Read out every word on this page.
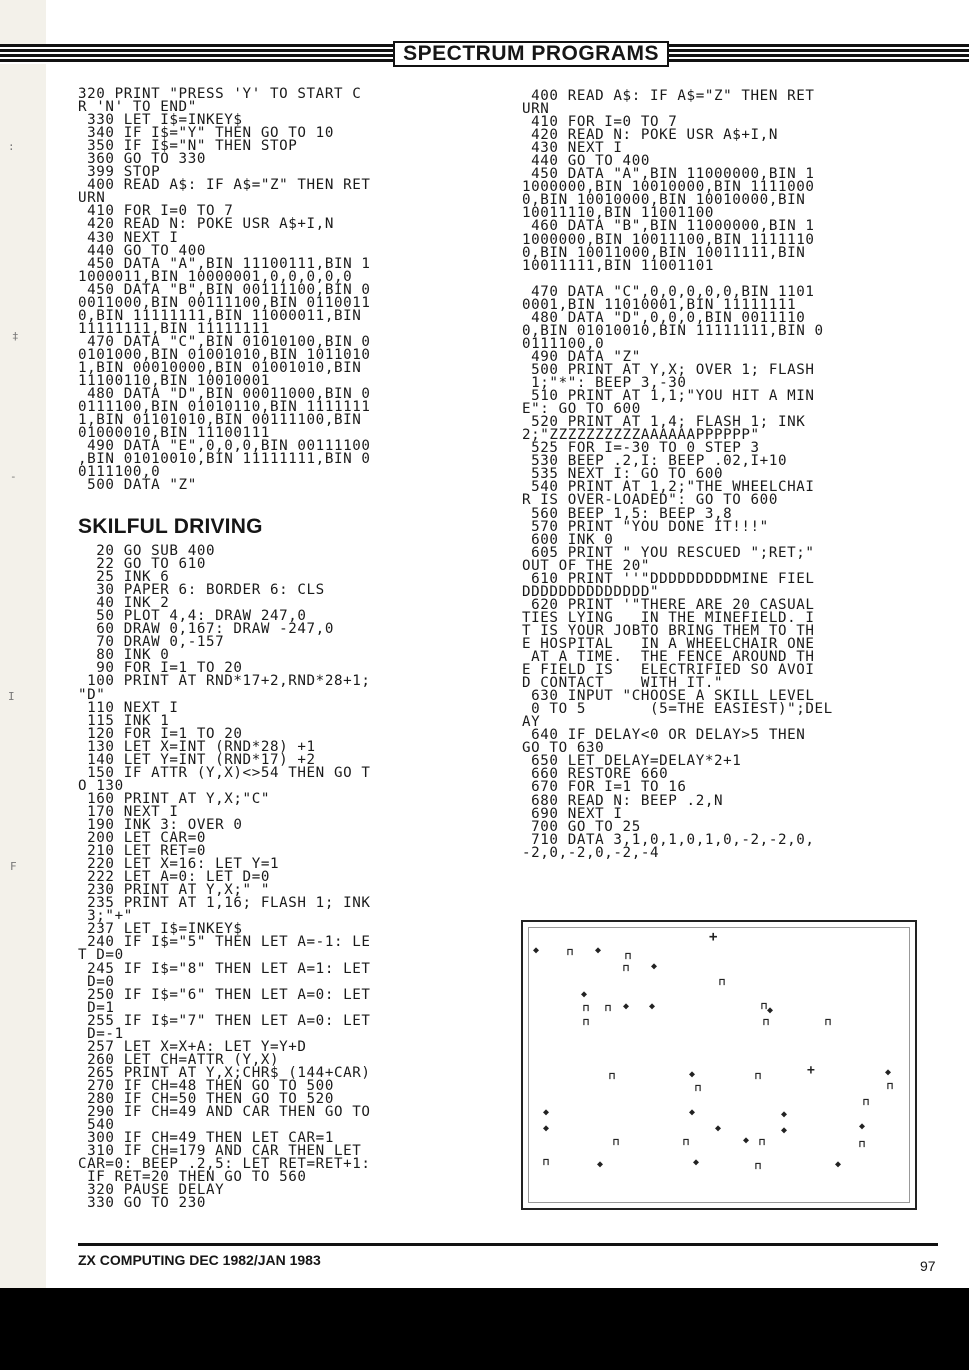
:
‡
-
I
F
SPECTRUM PROGRAMS
320 PRINT "PRESS 'Y' TO START C
R 'N' TO END"
330 LET I$=INKEY$
340 IF I$="Y" THEN GO TO 10
350 IF I$="N" THEN STOP
360 GO TO 330
399 STOP
400 READ A$: IF A$="Z" THEN RET
URN
410 FOR I=0 TO 7
420 READ N: POKE USR A$+I,N
430 NEXT I
440 GO TO 400
450 DATA "A",BIN 11100111,BIN 1
1000011,BIN 10000001,0,0,0,0,0
450 DATA "B",BIN 00111100,BIN 0
0011000,BIN 00111100,BIN 0110011
0,BIN 11111111,BIN 11000011,BIN
11111111,BIN 11111111
470 DATA "C",BIN 01010100,BIN 0
0101000,BIN 01001010,BIN 1011010
1,BIN 00010000,BIN 01001010,BIN
11100110,BIN 10010001
480 DATA "D",BIN 00011000,BIN 0
0111100,BIN 01010110,BIN 1111111
1,BIN 01101010,BIN 00111100,BIN
01000010,BIN 11100111
490 DATA "E",0,0,0,BIN 00111100
,BIN 01010010,BIN 11111111,BIN 0
0111100,0
500 DATA "Z"
SKILFUL DRIVING
20 GO SUB 400
22 GO TO 610
25 INK 6
30 PAPER 6: BORDER 6: CLS
40 INK 2
50 PLOT 4,4: DRAW 247,0
60 DRAW 0,167: DRAW -247,0
70 DRAW 0,-157
80 INK 0
90 FOR I=1 TO 20
100 PRINT AT RND*17+2,RND*28+1;
"D"
110 NEXT I
115 INK 1
120 FOR I=1 TO 20
130 LET X=INT (RND*28) +1
140 LET Y=INT (RND*17) +2
150 IF ATTR (Y,X)<>54 THEN GO T
O 130
160 PRINT AT Y,X;"C"
170 NEXT I
190 INK 3: OVER 0
200 LET CAR=0
210 LET RET=0
220 LET X=16: LET Y=1
222 LET A=0: LET D=0
230 PRINT AT Y,X;" "
235 PRINT AT 1,16; FLASH 1; INK
3;"+"
237 LET I$=INKEY$
240 IF I$="5" THEN LET A=-1: LE
T D=0
245 IF I$="8" THEN LET A=1: LET
D=0
250 IF I$="6" THEN LET A=0: LET
D=1
255 IF I$="7" THEN LET A=0: LET
D=-1
257 LET X=X+A: LET Y=Y+D
260 LET CH=ATTR (Y,X)
265 PRINT AT Y,X;CHR$ (144+CAR)
270 IF CH=48 THEN GO TO 500
280 IF CH=50 THEN GO TO 520
290 IF CH=49 AND CAR THEN GO TO
540
300 IF CH=49 THEN LET CAR=1
310 IF CH=179 AND CAR THEN LET
CAR=0: BEEP .2,5: LET RET=RET+1:
IF RET=20 THEN GO TO 560
320 PAUSE DELAY
330 GO TO 230
400 READ A$: IF A$="Z" THEN RET
URN
410 FOR I=0 TO 7
420 READ N: POKE USR A$+I,N
430 NEXT I
440 GO TO 400
450 DATA "A",BIN 11000000,BIN 1
1000000,BIN 10010000,BIN 1111000
0,BIN 10010000,BIN 10010000,BIN
10011110,BIN 11001100
460 DATA "B",BIN 11000000,BIN 1
1000000,BIN 10011100,BIN 1111110
0,BIN 10011000,BIN 10011111,BIN
10011111,BIN 11001101

470 DATA "C",0,0,0,0,0,BIN 1101
0001,BIN 11010001,BIN 11111111
480 DATA "D",0,0,0,BIN 0011110
0,BIN 01010010,BIN 11111111,BIN 0
0111100,0
490 DATA "Z"
500 PRINT AT Y,X; OVER 1; FLASH
1;"*": BEEP 3,-30
510 PRINT AT 1,1;"YOU HIT A MIN
E": GO TO 600
520 PRINT AT 1,4; FLASH 1; INK
2;"ZZZZZZZZZZAAAAAAPPPPPP"
525 FOR I=-30 TO 0 STEP 3
530 BEEP .2,I: BEEP .02,I+10
535 NEXT I: GO TO 600
540 PRINT AT 1,2;"THE WHEELCHAI
R IS OVER-LOADED": GO TO 600
560 BEEP 1,5: BEEP 3,8
570 PRINT "YOU DONE IT!!!"
600 INK 0
605 PRINT " YOU RESCUED ";RET;"
OUT OF THE 20"
610 PRINT ''"DDDDDDDDDMINE FIEL
DDDDDDDDDDDDDD"
620 PRINT '"THERE ARE 20 CASUAL
TIES LYING   IN THE MINEFIELD. I
T IS YOUR JOBTO BRING THEM TO TH
E HOSPITAL   IN A WHEELCHAIR ONE
AT A TIME.  THE FENCE AROUND TH
E FIELD IS   ELECTRIFIED SO AVOI
D CONTACT    WITH IT."
630 INPUT "CHOOSE A SKILL LEVEL
0 TO 5       (5=THE EASIEST)";DEL
AY
640 IF DELAY<0 OR DELAY>5 THEN
GO TO 630
650 LET DELAY=DELAY*2+1
660 RESTORE 660
670 FOR I=1 TO 16
680 READ N: BEEP .2,N
690 NEXT I
700 GO TO 25
710 DATA 3,1,0,1,0,1,0,-2,-2,0,
-2,0,-2,0,-2,-4
+
◆	⊓ ◆
⊓
◆
⊓
⊓
◆
⊓ ⊓ ◆ ◆
⊓
⊓
⊓
◆
⊓
⊓	◆
⊓
⊓	+	◆
⊓
⊓
◆
◆
◆
◆
◆
◆	◆
◆ ⊓
⊓	⊓	⊓
⊓	◆	◆	⊓	◆
ZX COMPUTING DEC 1982/JAN 1983	97
